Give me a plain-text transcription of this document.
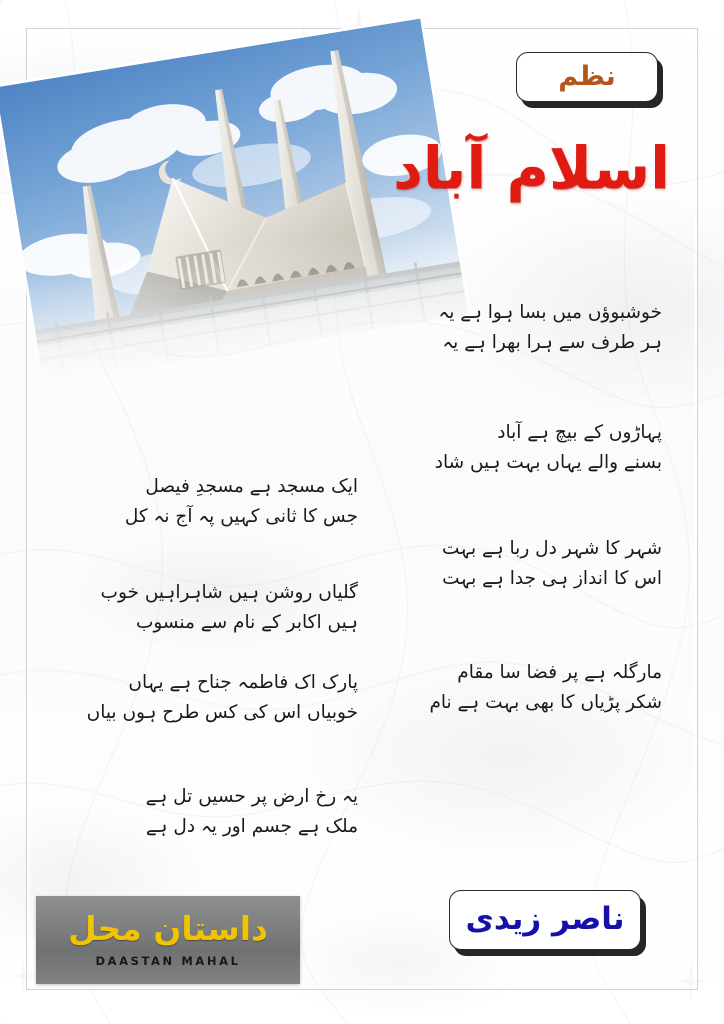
نظم
اسلام آباد
خوشبوؤں میں بسا ہوا ہے یہ
ہر طرف سے ہرا بھرا ہے یہ
پہاڑوں کے بیچ ہے آباد
بسنے والے یہاں بہت ہیں شاد
ایک مسجد ہے مسجدِ فیصل
جس کا ثانی کہیں پہ آج نہ کل
شہر کا شہر دل ربا ہے بہت
اس کا انداز ہی جدا ہے بہت
گلیاں روشن ہیں شاہراہیں خوب
ہیں اکابر کے نام سے منسوب
مارگلہ ہے پر فضا سا مقام
شکر پڑیاں کا بھی بہت ہے نام
پارک اک فاطمہ جناح ہے یہاں
خوبیاں اس کی کس طرح ہوں بیاں
یہ رخ ارض پر حسیں تل ہے
ملک ہے جسم اور یہ دل ہے
ناصر زیدی
داستان محل
DAASTAN MAHAL
